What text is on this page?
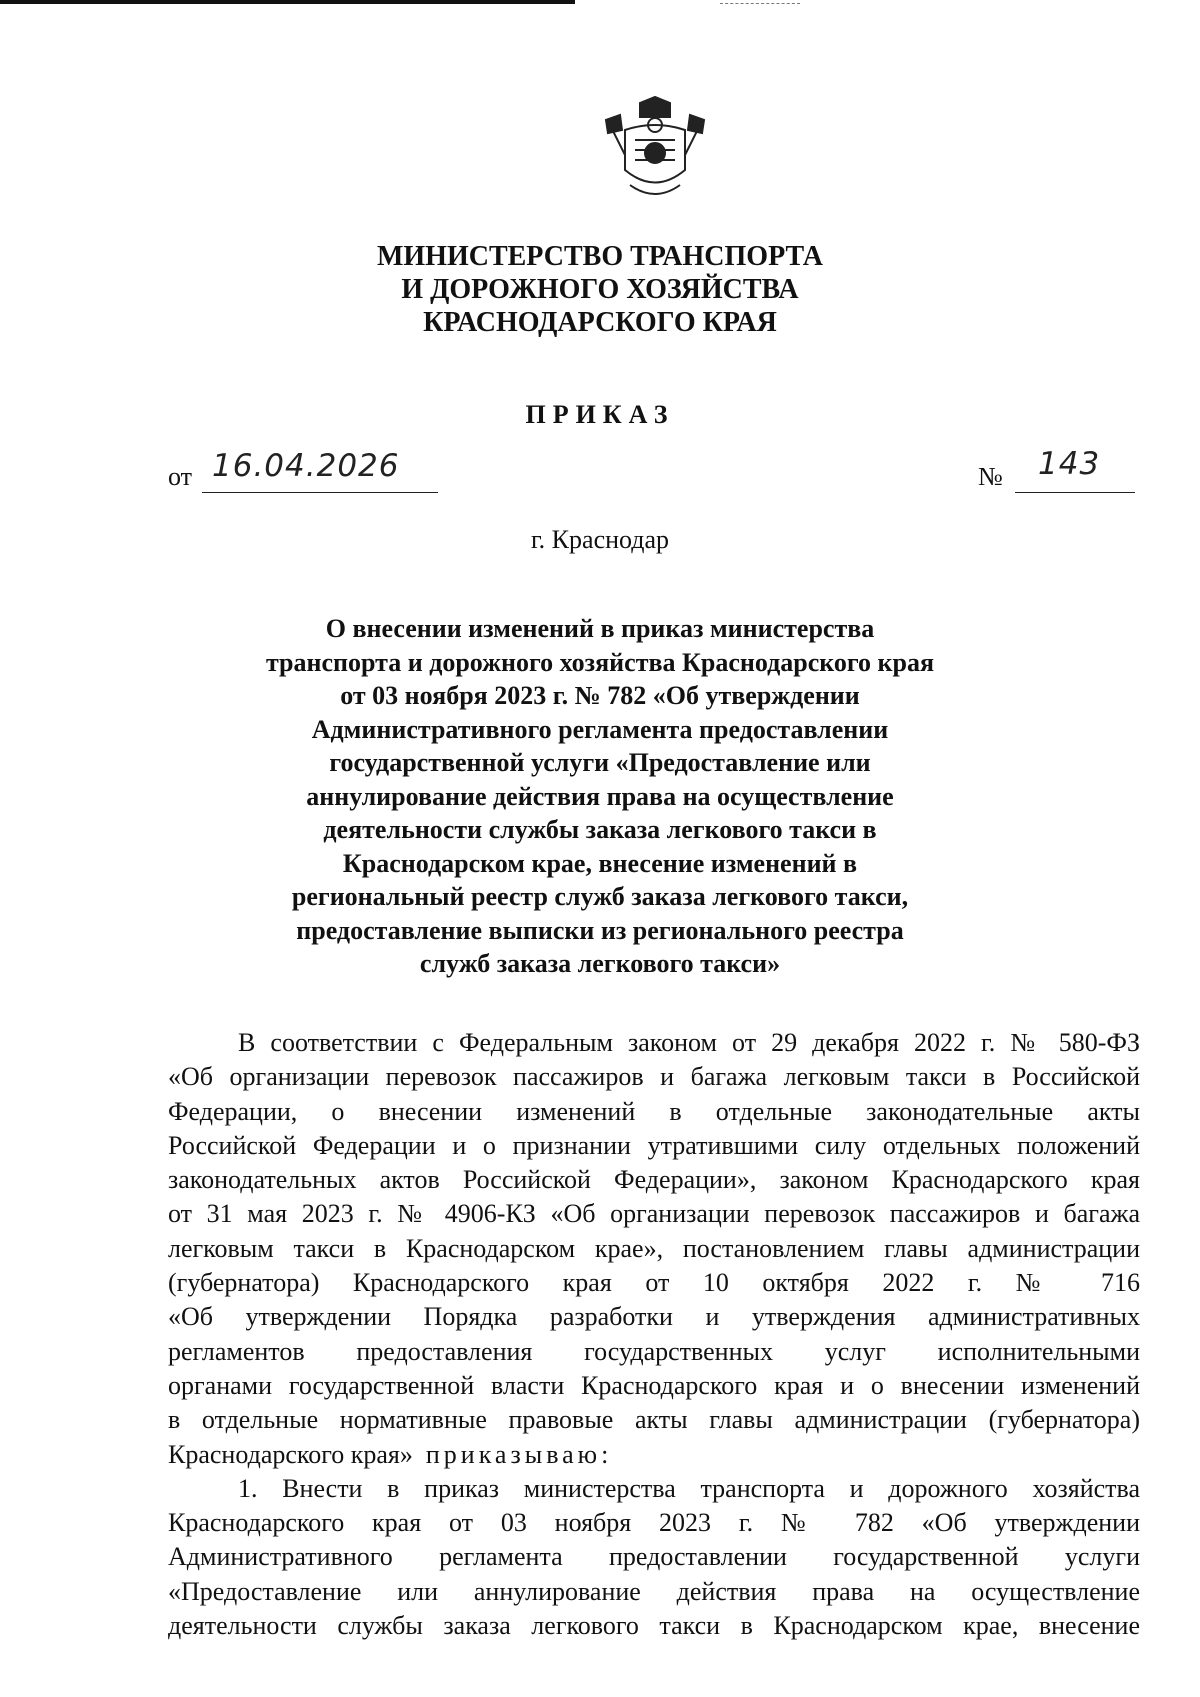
МИНИСТЕРСТВО ТРАНСПОРТА
И ДОРОЖНОГО ХОЗЯЙСТВА
КРАСНОДАРСКОГО КРАЯ
ПРИКАЗ
от 16.04.2026	№ 143
г. Краснодар
О внесении изменений в приказ министерства
транспорта и дорожного хозяйства Краснодарского края
от 03 ноября 2023 г. № 782 «Об утверждении
Административного регламента предоставлении
государственной услуги «Предоставление или
аннулирование действия права на осуществление
деятельности службы заказа легкового такси в
Краснодарском крае, внесение изменений в
региональный реестр служб заказа легкового такси,
предоставление выписки из регионального реестра
служб заказа легкового такси»
В соответствии с Федеральным законом от 29 декабря 2022 г. № 580-ФЗ
«Об организации перевозок пассажиров и багажа легковым такси в Российской
Федерации, о внесении изменений в отдельные законодательные акты
Российской Федерации и о признании утратившими силу отдельных положений
законодательных актов Российской Федерации», законом Краснодарского края
от 31 мая 2023 г. № 4906-КЗ «Об организации перевозок пассажиров и багажа
легковым такси в Краснодарском крае», постановлением главы администрации
(губернатора) Краснодарского края от 10 октября 2022 г. № 716
«Об утверждении Порядка разработки и утверждения административных
регламентов предоставления государственных услуг исполнительными
органами государственной власти Краснодарского края и о внесении изменений
в отдельные нормативные правовые акты главы администрации (губернатора)
Краснодарского края» приказываю:
1. Внести в приказ министерства транспорта и дорожного хозяйства
Краснодарского края от 03 ноября 2023 г. № 782 «Об утверждении
Административного регламента предоставлении государственной услуги
«Предоставление или аннулирование действия права на осуществление
деятельности службы заказа легкового такси в Краснодарском крае, внесение
